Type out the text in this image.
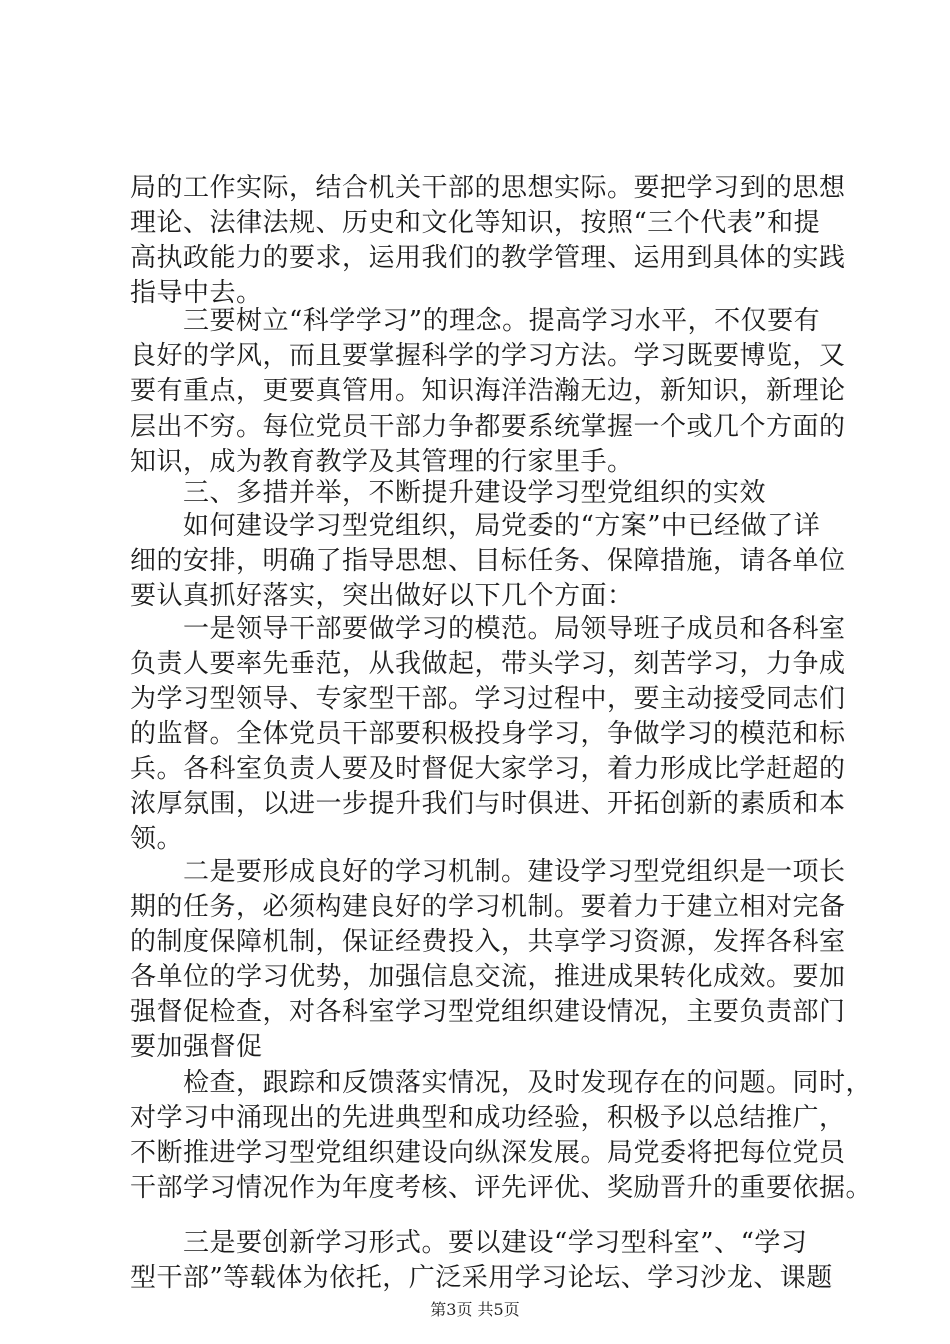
局的工作实际，结合机关干部的思想实际。要把学习到的思想
理论、法律法规、历史和文化等知识，按照“三个代表”和提
高执政能力的要求，运用我们的教学管理、运用到具体的实践
指导中去。
　　三要树立“科学学习”的理念。提高学习水平，不仅要有
良好的学风，而且要掌握科学的学习方法。学习既要博览，又
要有重点，更要真管用。知识海洋浩瀚无边，新知识，新理论
层出不穷。每位党员干部力争都要系统掌握一个或几个方面的
知识，成为教育教学及其管理的行家里手。
　　三、多措并举，不断提升建设学习型党组织的实效
　　如何建设学习型党组织，局党委的“方案”中已经做了详
细的安排，明确了指导思想、目标任务、保障措施，请各单位
要认真抓好落实，突出做好以下几个方面：
　　一是领导干部要做学习的模范。局领导班子成员和各科室
负责人要率先垂范，从我做起，带头学习，刻苦学习，力争成
为学习型领导、专家型干部。学习过程中，要主动接受同志们
的监督。全体党员干部要积极投身学习，争做学习的模范和标
兵。各科室负责人要及时督促大家学习，着力形成比学赶超的
浓厚氛围，以进一步提升我们与时俱进、开拓创新的素质和本
领。
　　二是要形成良好的学习机制。建设学习型党组织是一项长
期的任务，必须构建良好的学习机制。要着力于建立相对完备
的制度保障机制，保证经费投入，共享学习资源，发挥各科室
各单位的学习优势，加强信息交流，推进成果转化成效。要加
强督促检查，对各科室学习型党组织建设情况，主要负责部门
要加强督促
　　检查，跟踪和反馈落实情况，及时发现存在的问题。同时，
对学习中涌现出的先进典型和成功经验，积极予以总结推广，
不断推进学习型党组织建设向纵深发展。局党委将把每位党员
干部学习情况作为年度考核、评先评优、奖励晋升的重要依据。
　　三是要创新学习形式。要以建设“学习型科室”、“学习
第3页 共5页
型干部”等载体为依托，广泛采用学习论坛、学习沙龙、课题
